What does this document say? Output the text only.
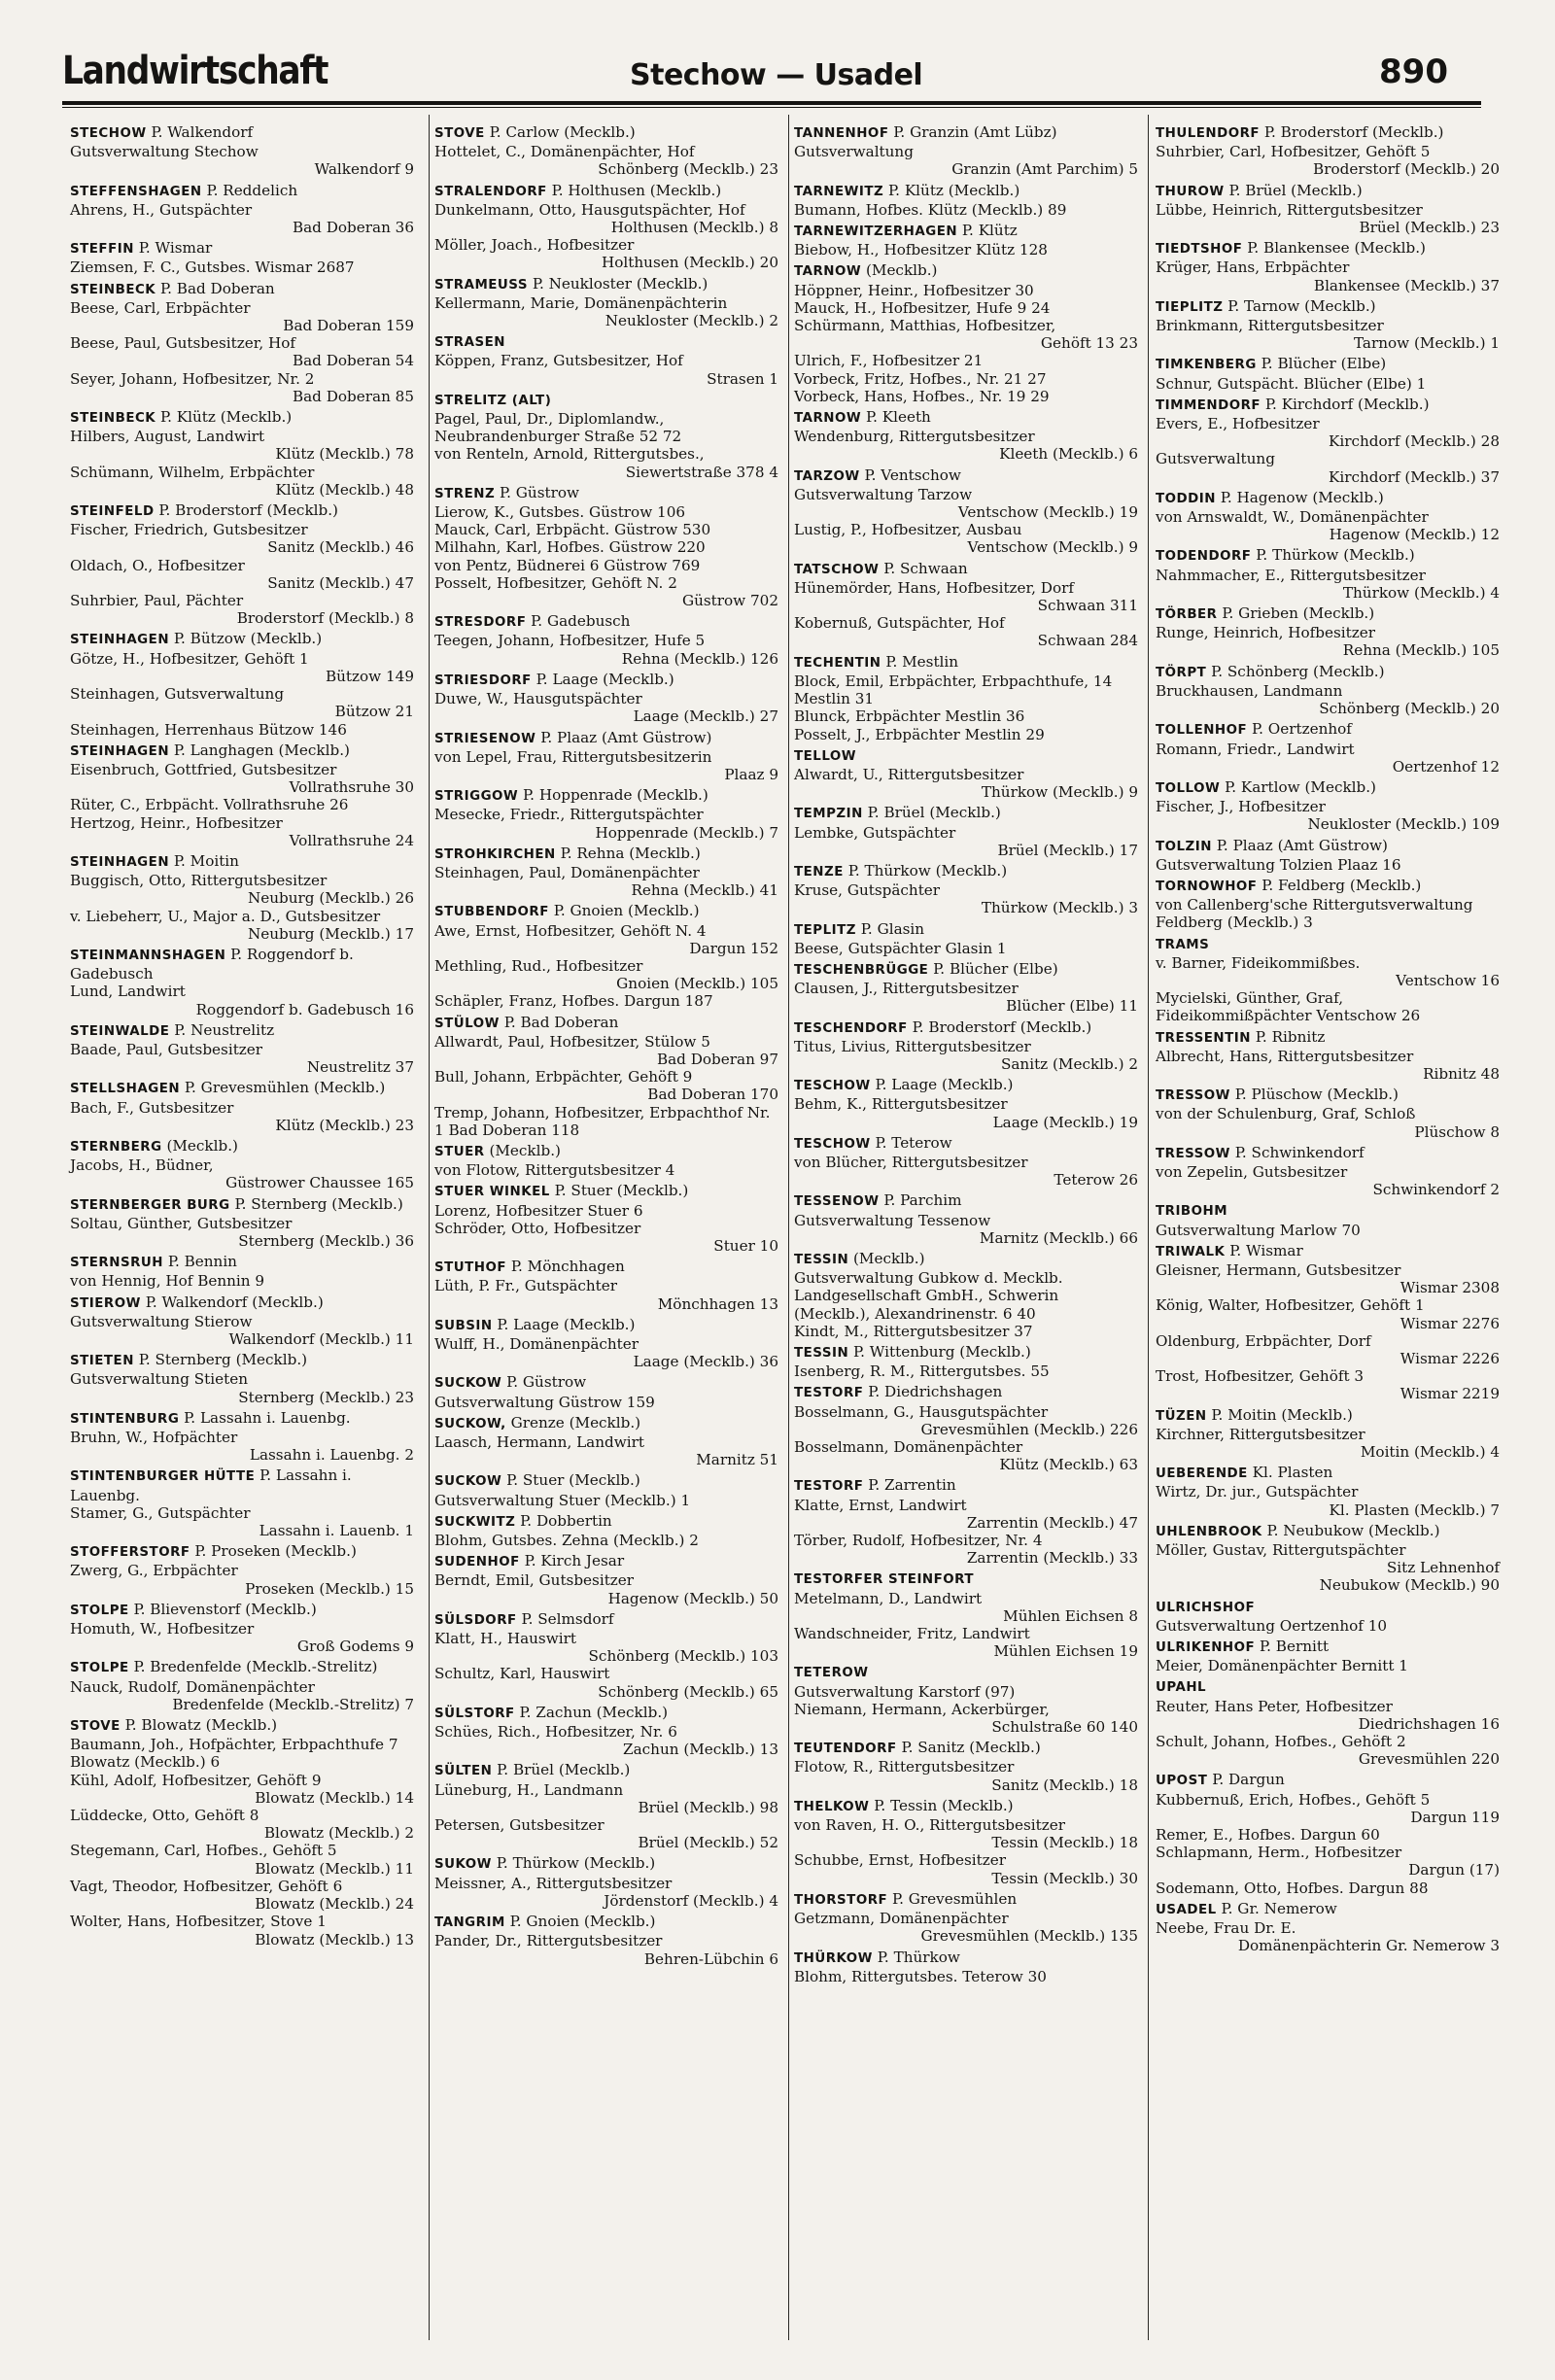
Landwirtschaft	Stechow — Usadel	890
STECHOW P. Walkendorf
Gutsverwaltung Stechow
Walkendorf 9
STEFFENSHAGEN P. Reddelich
Ahrens, H., Gutspächter
Bad Doberan 36
STEFFIN P. Wismar
Ziemsen, F. C., Gutsbes. Wismar 2687
STEINBECK P. Bad Doberan
Beese, Carl, Erbpächter
Bad Doberan 159
Beese, Paul, Gutsbesitzer, Hof
Bad Doberan 54
Seyer, Johann, Hofbesitzer, Nr. 2
Bad Doberan 85
STEINBECK P. Klütz (Mecklb.)
Hilbers, August, Landwirt
Klütz (Mecklb.) 78
Schümann, Wilhelm, Erbpächter
Klütz (Mecklb.) 48
STEINFELD P. Broderstorf (Mecklb.)
Fischer, Friedrich, Gutsbesitzer
Sanitz (Mecklb.) 46
Oldach, O., Hofbesitzer
Sanitz (Mecklb.) 47
Suhrbier, Paul, Pächter
Broderstorf (Mecklb.) 8
STEINHAGEN P. Bützow (Mecklb.)
Götze, H., Hofbesitzer, Gehöft 1
Bützow 149
Steinhagen, Gutsverwaltung
Bützow 21
Steinhagen, Herrenhaus Bützow 146
STEINHAGEN P. Langhagen (Mecklb.)
Eisenbruch, Gottfried, Gutsbesitzer
Vollrathsruhe 30
Rüter, C., Erbpächt. Vollrathsruhe 26
Hertzog, Heinr., Hofbesitzer
Vollrathsruhe 24
STEINHAGEN P. Moitin
Buggisch, Otto, Rittergutsbesitzer
Neuburg (Mecklb.) 26
v. Liebeherr, U., Major a. D., Gutsbesitzer
Neuburg (Mecklb.) 17
STEINMANNSHAGEN P. Roggendorf b. Gadebusch
Lund, Landwirt
Roggendorf b. Gadebusch 16
STEINWALDE P. Neustrelitz
Baade, Paul, Gutsbesitzer
Neustrelitz 37
STELLSHAGEN P. Grevesmühlen (Mecklb.)
Bach, F., Gutsbesitzer
Klütz (Mecklb.) 23
STERNBERG (Mecklb.)
Jacobs, H., Büdner,
Güstrower Chaussee 165
STERNBERGER BURG P. Sternberg (Mecklb.)
Soltau, Günther, Gutsbesitzer
Sternberg (Mecklb.) 36
STERNSRUH P. Bennin
von Hennig, Hof Bennin 9
STIEROW P. Walkendorf (Mecklb.)
Gutsverwaltung Stierow
Walkendorf (Mecklb.) 11
STIETEN P. Sternberg (Mecklb.)
Gutsverwaltung Stieten
Sternberg (Mecklb.) 23
STINTENBURG P. Lassahn i. Lauenbg.
Bruhn, W., Hofpächter
Lassahn i. Lauenbg. 2
STINTENBURGER HÜTTE P. Lassahn i. Lauenbg.
Stamer, G., Gutspächter
Lassahn i. Lauenb. 1
STOFFERSTORF P. Proseken (Mecklb.)
Zwerg, G., Erbpächter
Proseken (Mecklb.) 15
STOLPE P. Blievenstorf (Mecklb.)
Homuth, W., Hofbesitzer
Groß Godems 9
STOLPE P. Bredenfelde (Mecklb.-Strelitz)
Nauck, Rudolf, Domänenpächter
Bredenfelde (Mecklb.-Strelitz) 7
STOVE P. Blowatz (Mecklb.)
Baumann, Joh., Hofpächter, Erbpachthufe 7 Blowatz (Mecklb.) 6
Kühl, Adolf, Hofbesitzer, Gehöft 9
Blowatz (Mecklb.) 14
Lüddecke, Otto, Gehöft 8
Blowatz (Mecklb.) 2
Stegemann, Carl, Hofbes., Gehöft 5
Blowatz (Mecklb.) 11
Vagt, Theodor, Hofbesitzer, Gehöft 6
Blowatz (Mecklb.) 24
Wolter, Hans, Hofbesitzer, Stove 1
Blowatz (Mecklb.) 13
STOVE P. Carlow (Mecklb.)
Hottelet, C., Domänenpächter, Hof
Schönberg (Mecklb.) 23
STRALENDORF P. Holthusen (Mecklb.)
Dunkelmann, Otto, Hausgutspächter, Hof
Holthusen (Mecklb.) 8
Möller, Joach., Hofbesitzer
Holthusen (Mecklb.) 20
STRAMEUSS P. Neukloster (Mecklb.)
Kellermann, Marie, Domänenpächterin
Neukloster (Mecklb.) 2
STRASEN
Köppen, Franz, Gutsbesitzer, Hof
Strasen 1
STRELITZ (ALT)
Pagel, Paul, Dr., Diplomlandw., Neubrandenburger Straße 52 72
von Renteln, Arnold, Rittergutsbes.,
Siewertstraße 378 4
STRENZ P. Güstrow
Lierow, K., Gutsbes. Güstrow 106
Mauck, Carl, Erbpächt. Güstrow 530
Milhahn, Karl, Hofbes. Güstrow 220
von Pentz, Büdnerei 6 Güstrow 769
Posselt, Hofbesitzer, Gehöft N. 2
Güstrow 702
STRESDORF P. Gadebusch
Teegen, Johann, Hofbesitzer, Hufe 5
Rehna (Mecklb.) 126
STRIESDORF P. Laage (Mecklb.)
Duwe, W., Hausgutspächter
Laage (Mecklb.) 27
STRIESENOW P. Plaaz (Amt Güstrow)
von Lepel, Frau, Rittergutsbesitzerin
Plaaz 9
STRIGGOW P. Hoppenrade (Mecklb.)
Mesecke, Friedr., Rittergutspächter
Hoppenrade (Mecklb.) 7
STROHKIRCHEN P. Rehna (Mecklb.)
Steinhagen, Paul, Domänenpächter
Rehna (Mecklb.) 41
STUBBENDORF P. Gnoien (Mecklb.)
Awe, Ernst, Hofbesitzer, Gehöft N. 4
Dargun 152
Methling, Rud., Hofbesitzer
Gnoien (Mecklb.) 105
Schäpler, Franz, Hofbes. Dargun 187
STÜLOW P. Bad Doberan
Allwardt, Paul, Hofbesitzer, Stülow 5
Bad Doberan 97
Bull, Johann, Erbpächter, Gehöft 9
Bad Doberan 170
Tremp, Johann, Hofbesitzer, Erbpachthof Nr. 1 Bad Doberan 118
STUER (Mecklb.)
von Flotow, Rittergutsbesitzer 4
STUER WINKEL P. Stuer (Mecklb.)
Lorenz, Hofbesitzer Stuer 6
Schröder, Otto, Hofbesitzer
Stuer 10
STUTHOF P. Mönchhagen
Lüth, P. Fr., Gutspächter
Mönchhagen 13
SUBSIN P. Laage (Mecklb.)
Wulff, H., Domänenpächter
Laage (Mecklb.) 36
SUCKOW P. Güstrow
Gutsverwaltung Güstrow 159
SUCKOW, Grenze (Mecklb.)
Laasch, Hermann, Landwirt
Marnitz 51
SUCKOW P. Stuer (Mecklb.)
Gutsverwaltung Stuer (Mecklb.) 1
SUCKWITZ P. Dobbertin
Blohm, Gutsbes. Zehna (Mecklb.) 2
SUDENHOF P. Kirch Jesar
Berndt, Emil, Gutsbesitzer
Hagenow (Mecklb.) 50
SÜLSDORF P. Selmsdorf
Klatt, H., Hauswirt
Schönberg (Mecklb.) 103
Schultz, Karl, Hauswirt
Schönberg (Mecklb.) 65
SÜLSTORF P. Zachun (Mecklb.)
Schües, Rich., Hofbesitzer, Nr. 6
Zachun (Mecklb.) 13
SÜLTEN P. Brüel (Mecklb.)
Lüneburg, H., Landmann
Brüel (Mecklb.) 98
Petersen, Gutsbesitzer
Brüel (Mecklb.) 52
SUKOW P. Thürkow (Mecklb.)
Meissner, A., Rittergutsbesitzer
Jördenstorf (Mecklb.) 4
TANGRIM P. Gnoien (Mecklb.)
Pander, Dr., Rittergutsbesitzer
Behren-Lübchin 6
TANNENHOF P. Granzin (Amt Lübz)
Gutsverwaltung
Granzin (Amt Parchim) 5
TARNEWITZ P. Klütz (Mecklb.)
Bumann, Hofbes. Klütz (Mecklb.) 89
TARNEWITZERHAGEN P. Klütz
Biebow, H., Hofbesitzer Klütz 128
TARNOW (Mecklb.)
Höppner, Heinr., Hofbesitzer 30
Mauck, H., Hofbesitzer, Hufe 9 24
Schürmann, Matthias, Hofbesitzer,
Gehöft 13 23
Ulrich, F., Hofbesitzer 21
Vorbeck, Fritz, Hofbes., Nr. 21 27
Vorbeck, Hans, Hofbes., Nr. 19 29
TARNOW P. Kleeth
Wendenburg, Rittergutsbesitzer
Kleeth (Mecklb.) 6
TARZOW P. Ventschow
Gutsverwaltung Tarzow
Ventschow (Mecklb.) 19
Lustig, P., Hofbesitzer, Ausbau
Ventschow (Mecklb.) 9
TATSCHOW P. Schwaan
Hünemörder, Hans, Hofbesitzer, Dorf
Schwaan 311
Kobernuß, Gutspächter, Hof
Schwaan 284
TECHENTIN P. Mestlin
Block, Emil, Erbpächter, Erbpachthufe, 14 Mestlin 31
Blunck, Erbpächter Mestlin 36
Posselt, J., Erbpächter Mestlin 29
TELLOW
Alwardt, U., Rittergutsbesitzer
Thürkow (Mecklb.) 9
TEMPZIN P. Brüel (Mecklb.)
Lembke, Gutspächter
Brüel (Mecklb.) 17
TENZE P. Thürkow (Mecklb.)
Kruse, Gutspächter
Thürkow (Mecklb.) 3
TEPLITZ P. Glasin
Beese, Gutspächter Glasin 1
TESCHENBRÜGGE P. Blücher (Elbe)
Clausen, J., Rittergutsbesitzer
Blücher (Elbe) 11
TESCHENDORF P. Broderstorf (Mecklb.)
Titus, Livius, Rittergutsbesitzer
Sanitz (Mecklb.) 2
TESCHOW P. Laage (Mecklb.)
Behm, K., Rittergutsbesitzer
Laage (Mecklb.) 19
TESCHOW P. Teterow
von Blücher, Rittergutsbesitzer
Teterow 26
TESSENOW P. Parchim
Gutsverwaltung Tessenow
Marnitz (Mecklb.) 66
TESSIN (Mecklb.)
Gutsverwaltung Gubkow d. Mecklb. Landgesellschaft GmbH., Schwerin (Mecklb.), Alexandrinenstr. 6 40
Kindt, M., Rittergutsbesitzer 37
TESSIN P. Wittenburg (Mecklb.)
Isenberg, R. M., Rittergutsbes. 55
TESTORF P. Diedrichshagen
Bosselmann, G., Hausgutspächter
Grevesmühlen (Mecklb.) 226
Bosselmann, Domänenpächter
Klütz (Mecklb.) 63
TESTORF P. Zarrentin
Klatte, Ernst, Landwirt
Zarrentin (Mecklb.) 47
Törber, Rudolf, Hofbesitzer, Nr. 4
Zarrentin (Mecklb.) 33
TESTORFER STEINFORT
Metelmann, D., Landwirt
Mühlen Eichsen 8
Wandschneider, Fritz, Landwirt
Mühlen Eichsen 19
TETEROW
Gutsverwaltung Karstorf (97)
Niemann, Hermann, Ackerbürger,
Schulstraße 60 140
TEUTENDORF P. Sanitz (Mecklb.)
Flotow, R., Rittergutsbesitzer
Sanitz (Mecklb.) 18
THELKOW P. Tessin (Mecklb.)
von Raven, H. O., Rittergutsbesitzer
Tessin (Mecklb.) 18
Schubbe, Ernst, Hofbesitzer
Tessin (Mecklb.) 30
THORSTORF P. Grevesmühlen
Getzmann, Domänenpächter
Grevesmühlen (Mecklb.) 135
THÜRKOW P. Thürkow
Blohm, Rittergutsbes. Teterow 30
THULENDORF P. Broderstorf (Mecklb.)
Suhrbier, Carl, Hofbesitzer, Gehöft 5
Broderstorf (Mecklb.) 20
THUROW P. Brüel (Mecklb.)
Lübbe, Heinrich, Rittergutsbesitzer
Brüel (Mecklb.) 23
TIEDTSHOF P. Blankensee (Mecklb.)
Krüger, Hans, Erbpächter
Blankensee (Mecklb.) 37
TIEPLITZ P. Tarnow (Mecklb.)
Brinkmann, Rittergutsbesitzer
Tarnow (Mecklb.) 1
TIMKENBERG P. Blücher (Elbe)
Schnur, Gutspächt. Blücher (Elbe) 1
TIMMENDORF P. Kirchdorf (Mecklb.)
Evers, E., Hofbesitzer
Kirchdorf (Mecklb.) 28
Gutsverwaltung
Kirchdorf (Mecklb.) 37
TODDIN P. Hagenow (Mecklb.)
von Arnswaldt, W., Domänenpächter
Hagenow (Mecklb.) 12
TODENDORF P. Thürkow (Mecklb.)
Nahmmacher, E., Rittergutsbesitzer
Thürkow (Mecklb.) 4
TÖRBER P. Grieben (Mecklb.)
Runge, Heinrich, Hofbesitzer
Rehna (Mecklb.) 105
TÖRPT P. Schönberg (Mecklb.)
Bruckhausen, Landmann
Schönberg (Mecklb.) 20
TOLLENHOF P. Oertzenhof
Romann, Friedr., Landwirt
Oertzenhof 12
TOLLOW P. Kartlow (Mecklb.)
Fischer, J., Hofbesitzer
Neukloster (Mecklb.) 109
TOLZIN P. Plaaz (Amt Güstrow)
Gutsverwaltung Tolzien Plaaz 16
TORNOWHOF P. Feldberg (Mecklb.)
von Callenberg'sche Rittergutsverwaltung Feldberg (Mecklb.) 3
TRAMS
v. Barner, Fideikommißbes.
Ventschow 16
Mycielski, Günther, Graf, Fideikommißpächter Ventschow 26
TRESSENTIN P. Ribnitz
Albrecht, Hans, Rittergutsbesitzer
Ribnitz 48
TRESSOW P. Plüschow (Mecklb.)
von der Schulenburg, Graf, Schloß
Plüschow 8
TRESSOW P. Schwinkendorf
von Zepelin, Gutsbesitzer
Schwinkendorf 2
TRIBOHM
Gutsverwaltung Marlow 70
TRIWALK P. Wismar
Gleisner, Hermann, Gutsbesitzer
Wismar 2308
König, Walter, Hofbesitzer, Gehöft 1
Wismar 2276
Oldenburg, Erbpächter, Dorf
Wismar 2226
Trost, Hofbesitzer, Gehöft 3
Wismar 2219
TÜZEN P. Moitin (Mecklb.)
Kirchner, Rittergutsbesitzer
Moitin (Mecklb.) 4
UEBERENDE Kl. Plasten
Wirtz, Dr. jur., Gutspächter
Kl. Plasten (Mecklb.) 7
UHLENBROOK P. Neubukow (Mecklb.)
Möller, Gustav, Rittergutspächter
Sitz Lehnenhof
Neubukow (Mecklb.) 90
ULRICHSHOF
Gutsverwaltung Oertzenhof 10
ULRIKENHOF P. Bernitt
Meier, Domänenpächter Bernitt 1
UPAHL
Reuter, Hans Peter, Hofbesitzer
Diedrichshagen 16
Schult, Johann, Hofbes., Gehöft 2
Grevesmühlen 220
UPOST P. Dargun
Kubbernuß, Erich, Hofbes., Gehöft 5
Dargun 119
Remer, E., Hofbes. Dargun 60
Schlapmann, Herm., Hofbesitzer
Dargun (17)
Sodemann, Otto, Hofbes. Dargun 88
USADEL P. Gr. Nemerow
Neebe, Frau Dr. E.
Domänenpächterin Gr. Nemerow 3
